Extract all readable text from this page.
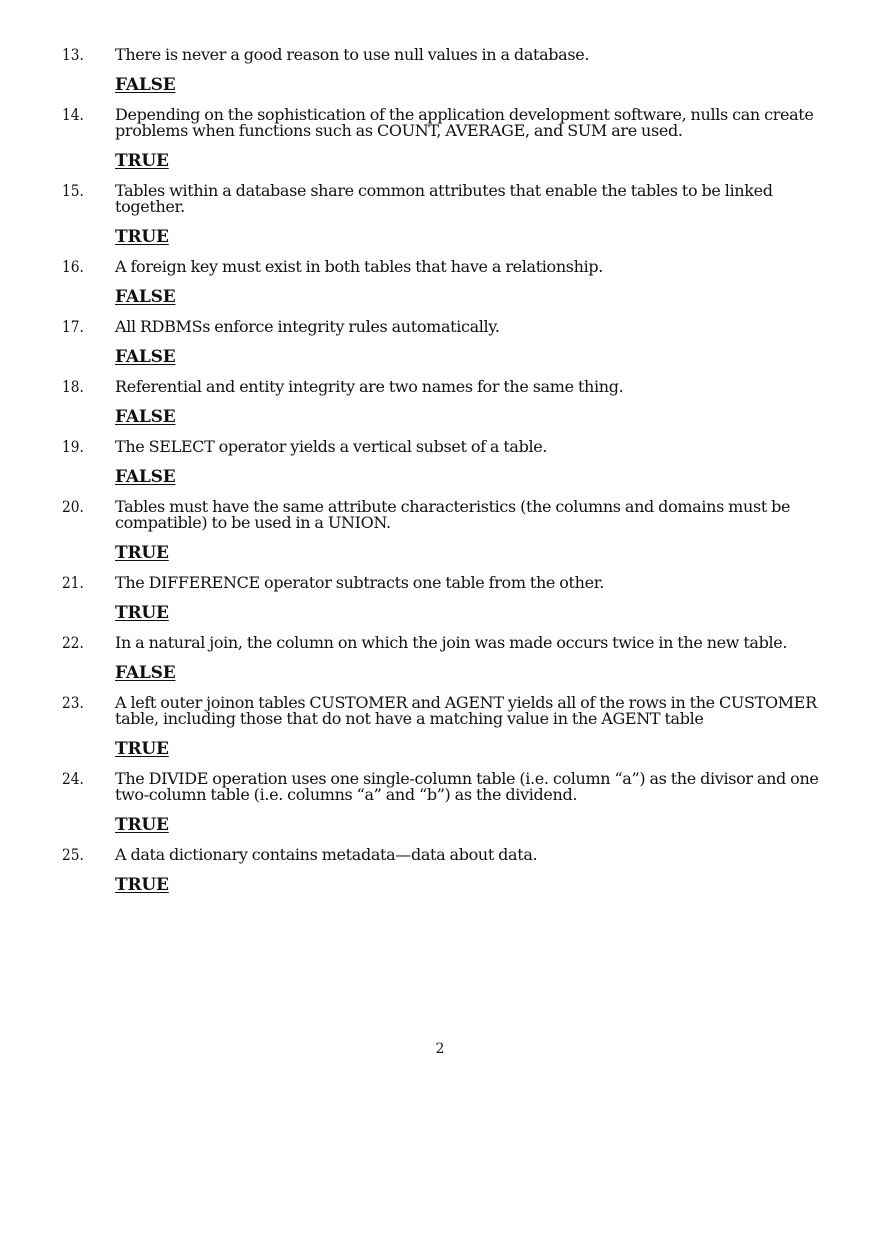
13.	There is never a good reason to use null values in a database.
FALSE
14.	Depending on the sophistication of the application development software, nulls can create problems when functions such as COUNT, AVERAGE, and SUM are used.
TRUE
15.	Tables within a database share common attributes that enable the tables to be linked together.
TRUE
16.	A foreign key must exist in both tables that have a relationship.
FALSE
17.	All RDBMSs enforce integrity rules automatically.
FALSE
18.	Referential and entity integrity are two names for the same thing.
FALSE
19.	The SELECT operator yields a vertical subset of a table.
FALSE
20.	Tables must have the same attribute characteristics (the columns and domains must be compatible) to be used in a UNION.
TRUE
21.	The DIFFERENCE operator subtracts one table from the other.
TRUE
22.	In a natural join, the column on which the join was made occurs twice in the new table.
FALSE
23.	A left outer joinon tables CUSTOMER and AGENT yields all of the rows in the CUSTOMER table, including those that do not have a matching value in the AGENT table
TRUE
24.	The DIVIDE operation uses one single-column table (i.e. column “a”) as the divisor and one two-column table (i.e. columns “a” and “b”) as the dividend.
TRUE
25.	A data dictionary contains metadata—data about data.
TRUE
2
